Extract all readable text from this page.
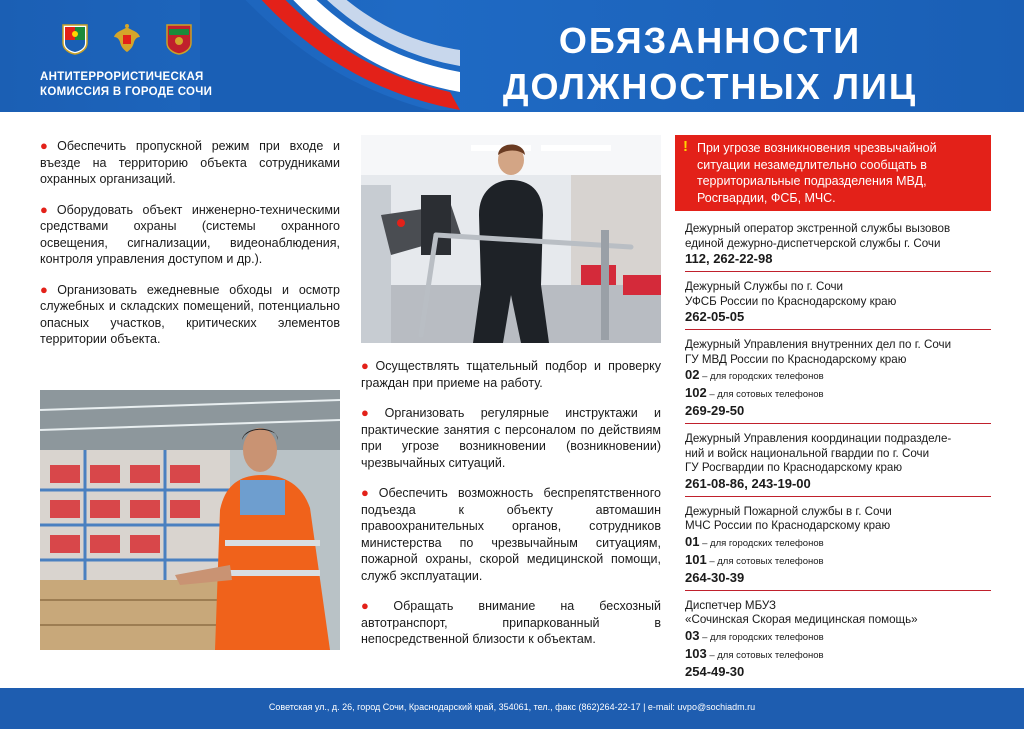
АНТИТЕРРОРИСТИЧЕСКАЯ
КОМИССИЯ В ГОРОДЕ СОЧИ
ОБЯЗАННОСТИ
ДОЛЖНОСТНЫХ ЛИЦ
● Обеспечить пропускной режим при входе и въезде на территорию объекта сотрудниками охранных организаций.
● Оборудовать объект инженерно-техническими средствами охраны (системы охранного освещения, сигнализации, видеонаблюдения, контроля управления доступом и др.).
● Организовать ежедневные обходы и осмотр служебных и складских помещений, потенциально опасных участков, критических элементов территории объекта.
● Осуществлять тщательный подбор и проверку граждан при приеме на работу.
● Организовать регулярные инструктажи и практические занятия с персоналом по действиям при угрозе возникновении (возникновении) чрезвычайных ситуаций.
● Обеспечить возможность беспрепятственного подъезда к объекту автомашин правоохранительных органов, сотрудников министерства по чрезвычайным ситуациям, пожарной охраны, скорой медицинской помощи, служб эксплуатации.
● Обращать внимание на бесхозный автотранспорт, припаркованный в непосредственной близости к объектам.
! При угрозе возникновения чрезвычайной ситуации незамедлительно сообщать в территориальные подразделения МВД, Росгвардии, ФСБ, МЧС.
Дежурный оператор экстренной службы вызовов
единой дежурно-диспетчерской службы г. Сочи
112, 262-22-98
Дежурный Службы по г. Сочи
УФСБ России по Краснодарскому краю
262-05-05
Дежурный Управления внутренних дел по г. Сочи
ГУ МВД России по Краснодарскому краю
02 – для городских телефонов
102 – для сотовых телефонов
269-29-50
Дежурный Управления координации подразделе-
ний и войск национальной гвардии по г. Сочи
ГУ Росгвардии по Краснодарскому краю
261-08-86, 243-19-00
Дежурный Пожарной службы в г. Сочи
МЧС России по Краснодарскому краю
01 – для городских телефонов
101 – для сотовых телефонов
264-30-39
Диспетчер МБУЗ
«Сочинская Скорая медицинская помощь»
03 – для городских телефонов
103 – для сотовых телефонов
254-49-30
Советская ул., д. 26, город Сочи, Краснодарский край, 354061, тел., факс (862)264-22-17 | e-mail: uvpo@sochiadm.ru
